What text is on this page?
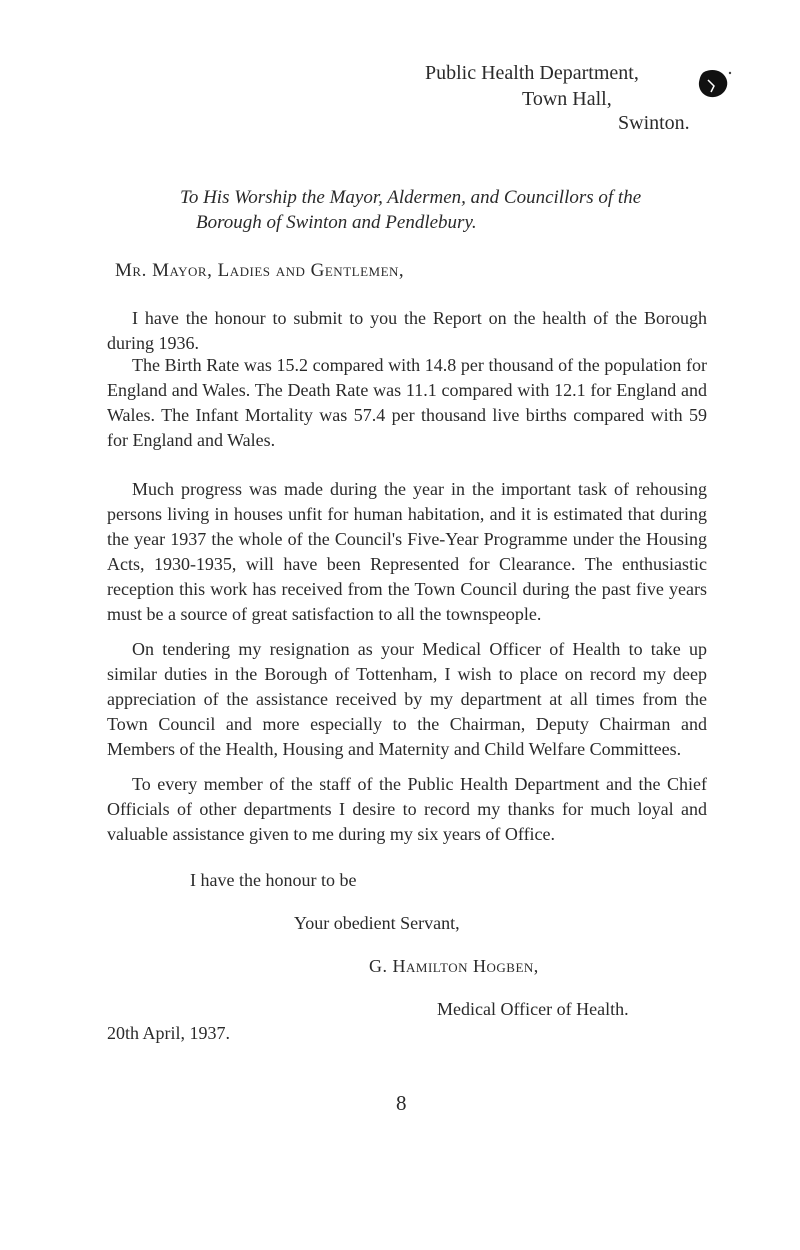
Public Health Department,
Town Hall,
Swinton.
To His Worship the Mayor, Aldermen, and Councillors of the
Borough of Swinton and Pendlebury.
Mr. Mayor, Ladies and Gentlemen,
I have the honour to submit to you the Report on the health of the Borough during 1936.
The Birth Rate was 15.2 compared with 14.8 per thousand of the population for England and Wales. The Death Rate was 11.1 compared with 12.1 for England and Wales. The Infant Mortality was 57.4 per thousand live births compared with 59 for England and Wales.
Much progress was made during the year in the important task of rehousing persons living in houses unfit for human habitation, and it is estimated that during the year 1937 the whole of the Council's Five-Year Programme under the Housing Acts, 1930-1935, will have been Represented for Clearance. The enthusiastic reception this work has received from the Town Council during the past five years must be a source of great satisfaction to all the townspeople.
On tendering my resignation as your Medical Officer of Health to take up similar duties in the Borough of Tottenham, I wish to place on record my deep appreciation of the assistance received by my department at all times from the Town Council and more especially to the Chairman, Deputy Chairman and Members of the Health, Housing and Maternity and Child Welfare Committees.
To every member of the staff of the Public Health Department and the Chief Officials of other departments I desire to record my thanks for much loyal and valuable assistance given to me during my six years of Office.
I have the honour to be
Your obedient Servant,
G. Hamilton Hogben,
Medical Officer of Health.
20th April, 1937.
8
